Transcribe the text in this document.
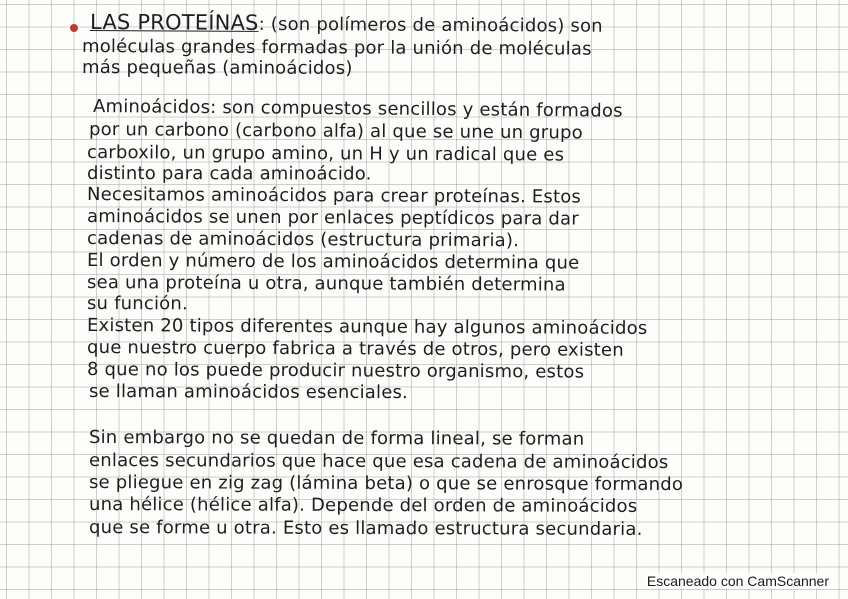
LAS PROTEÍNAS: (son polímeros de aminoácidos) son
moléculas grandes formadas por la unión de moléculas
más pequeñas (aminoácidos)
Aminoácidos: son compuestos sencillos y están formados
por un carbono (carbono alfa) al que se une un grupo
carboxilo, un grupo amino, un H y un radical que es
distinto para cada aminoácido.
Necesitamos aminoácidos para crear proteínas. Estos
aminoácidos se unen por enlaces peptídicos para dar
cadenas de aminoácidos (estructura primaria).
El orden y número de los aminoácidos determina que
sea una proteína u otra, aunque también determina
su función.
Existen 20 tipos diferentes aunque hay algunos aminoácidos
que nuestro cuerpo fabrica a través de otros, pero existen
8 que no los puede producir nuestro organismo, estos
se llaman aminoácidos esenciales.
Sin embargo no se quedan de forma lineal, se forman
enlaces secundarios que hace que esa cadena de aminoácidos
se pliegue en zig zag (lámina beta) o que se enrosque formando
una hélice (hélice alfa). Depende del orden de aminoácidos
que se forme u otra. Esto es llamado estructura secundaria.
Escaneado con CamScanner
